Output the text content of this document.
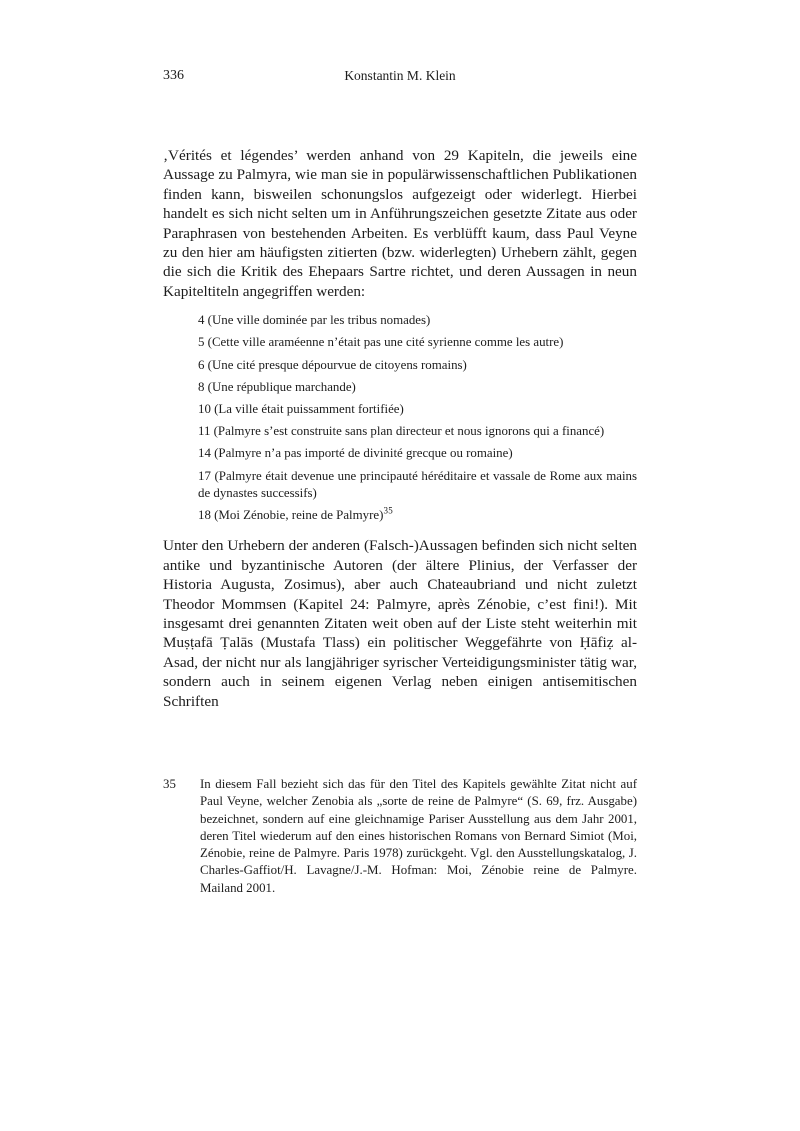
336	Konstantin M. Klein

‚Vérités et légendes’ werden anhand von 29 Kapiteln, die jeweils eine Aussage zu Palmyra, wie man sie in populärwissenschaftlichen Publikationen finden kann, bisweilen schonungslos aufgezeigt oder widerlegt. Hierbei handelt es sich nicht selten um in Anführungszeichen gesetzte Zitate aus oder Paraphrasen von bestehenden Arbeiten. Es verblüfft kaum, dass Paul Veyne zu den hier am häufigsten zitierten (bzw. widerlegten) Urhebern zählt, gegen die sich die Kritik des Ehepaars Sartre richtet, und deren Aussagen in neun Kapiteltiteln angegriffen werden:

4 (Une ville dominée par les tribus nomades)

5 (Cette ville araméenne n’était pas une cité syrienne comme les autre)

6 (Une cité presque dépourvue de citoyens romains)

8 (Une république marchande)

10 (La ville était puissamment fortifiée)

11 (Palmyre s’est construite sans plan directeur et nous ignorons qui a financé)

14 (Palmyre n’a pas importé de divinité grecque ou romaine)

17 (Palmyre était devenue une principauté héréditaire et vassale de Rome aux mains de dynastes successifs)

18 (Moi Zénobie, reine de Palmyre)$^{35}$

Unter den Urhebern der anderen (Falsch-)Aussagen befinden sich nicht selten antike und byzantinische Autoren (der ältere Plinius, der Verfasser der Historia Augusta, Zosimus), aber auch Chateaubriand und nicht zuletzt Theodor Mommsen (Kapitel 24: Palmyre, après Zénobie, c’est fini!). Mit insgesamt drei genannten Zitaten weit oben auf der Liste steht weiterhin mit Muṣṭafā Ṭalās (Mustafa Tlass) ein politischer Weggefährte von Ḥāfiẓ al-Asad, der nicht nur als langjähriger syrischer Verteidigungsminister tätig war, sondern auch in seinem eigenen Verlag neben einigen antisemitischen Schriften

35	In diesem Fall bezieht sich das für den Titel des Kapitels gewählte Zitat nicht auf Paul Veyne, welcher Zenobia als „sorte de reine de Palmyre“ (S. 69, frz. Ausgabe) bezeichnet, sondern auf eine gleichnamige Pariser Ausstellung aus dem Jahr 2001, deren Titel wiederum auf den eines historischen Romans von Bernard Simiot (Moi, Zénobie, reine de Palmyre. Paris 1978) zurückgeht. Vgl. den Ausstellungskatalog, J. Charles-Gaffiot/H. Lavagne/J.-M. Hofman: Moi, Zénobie reine de Palmyre. Mailand 2001.
